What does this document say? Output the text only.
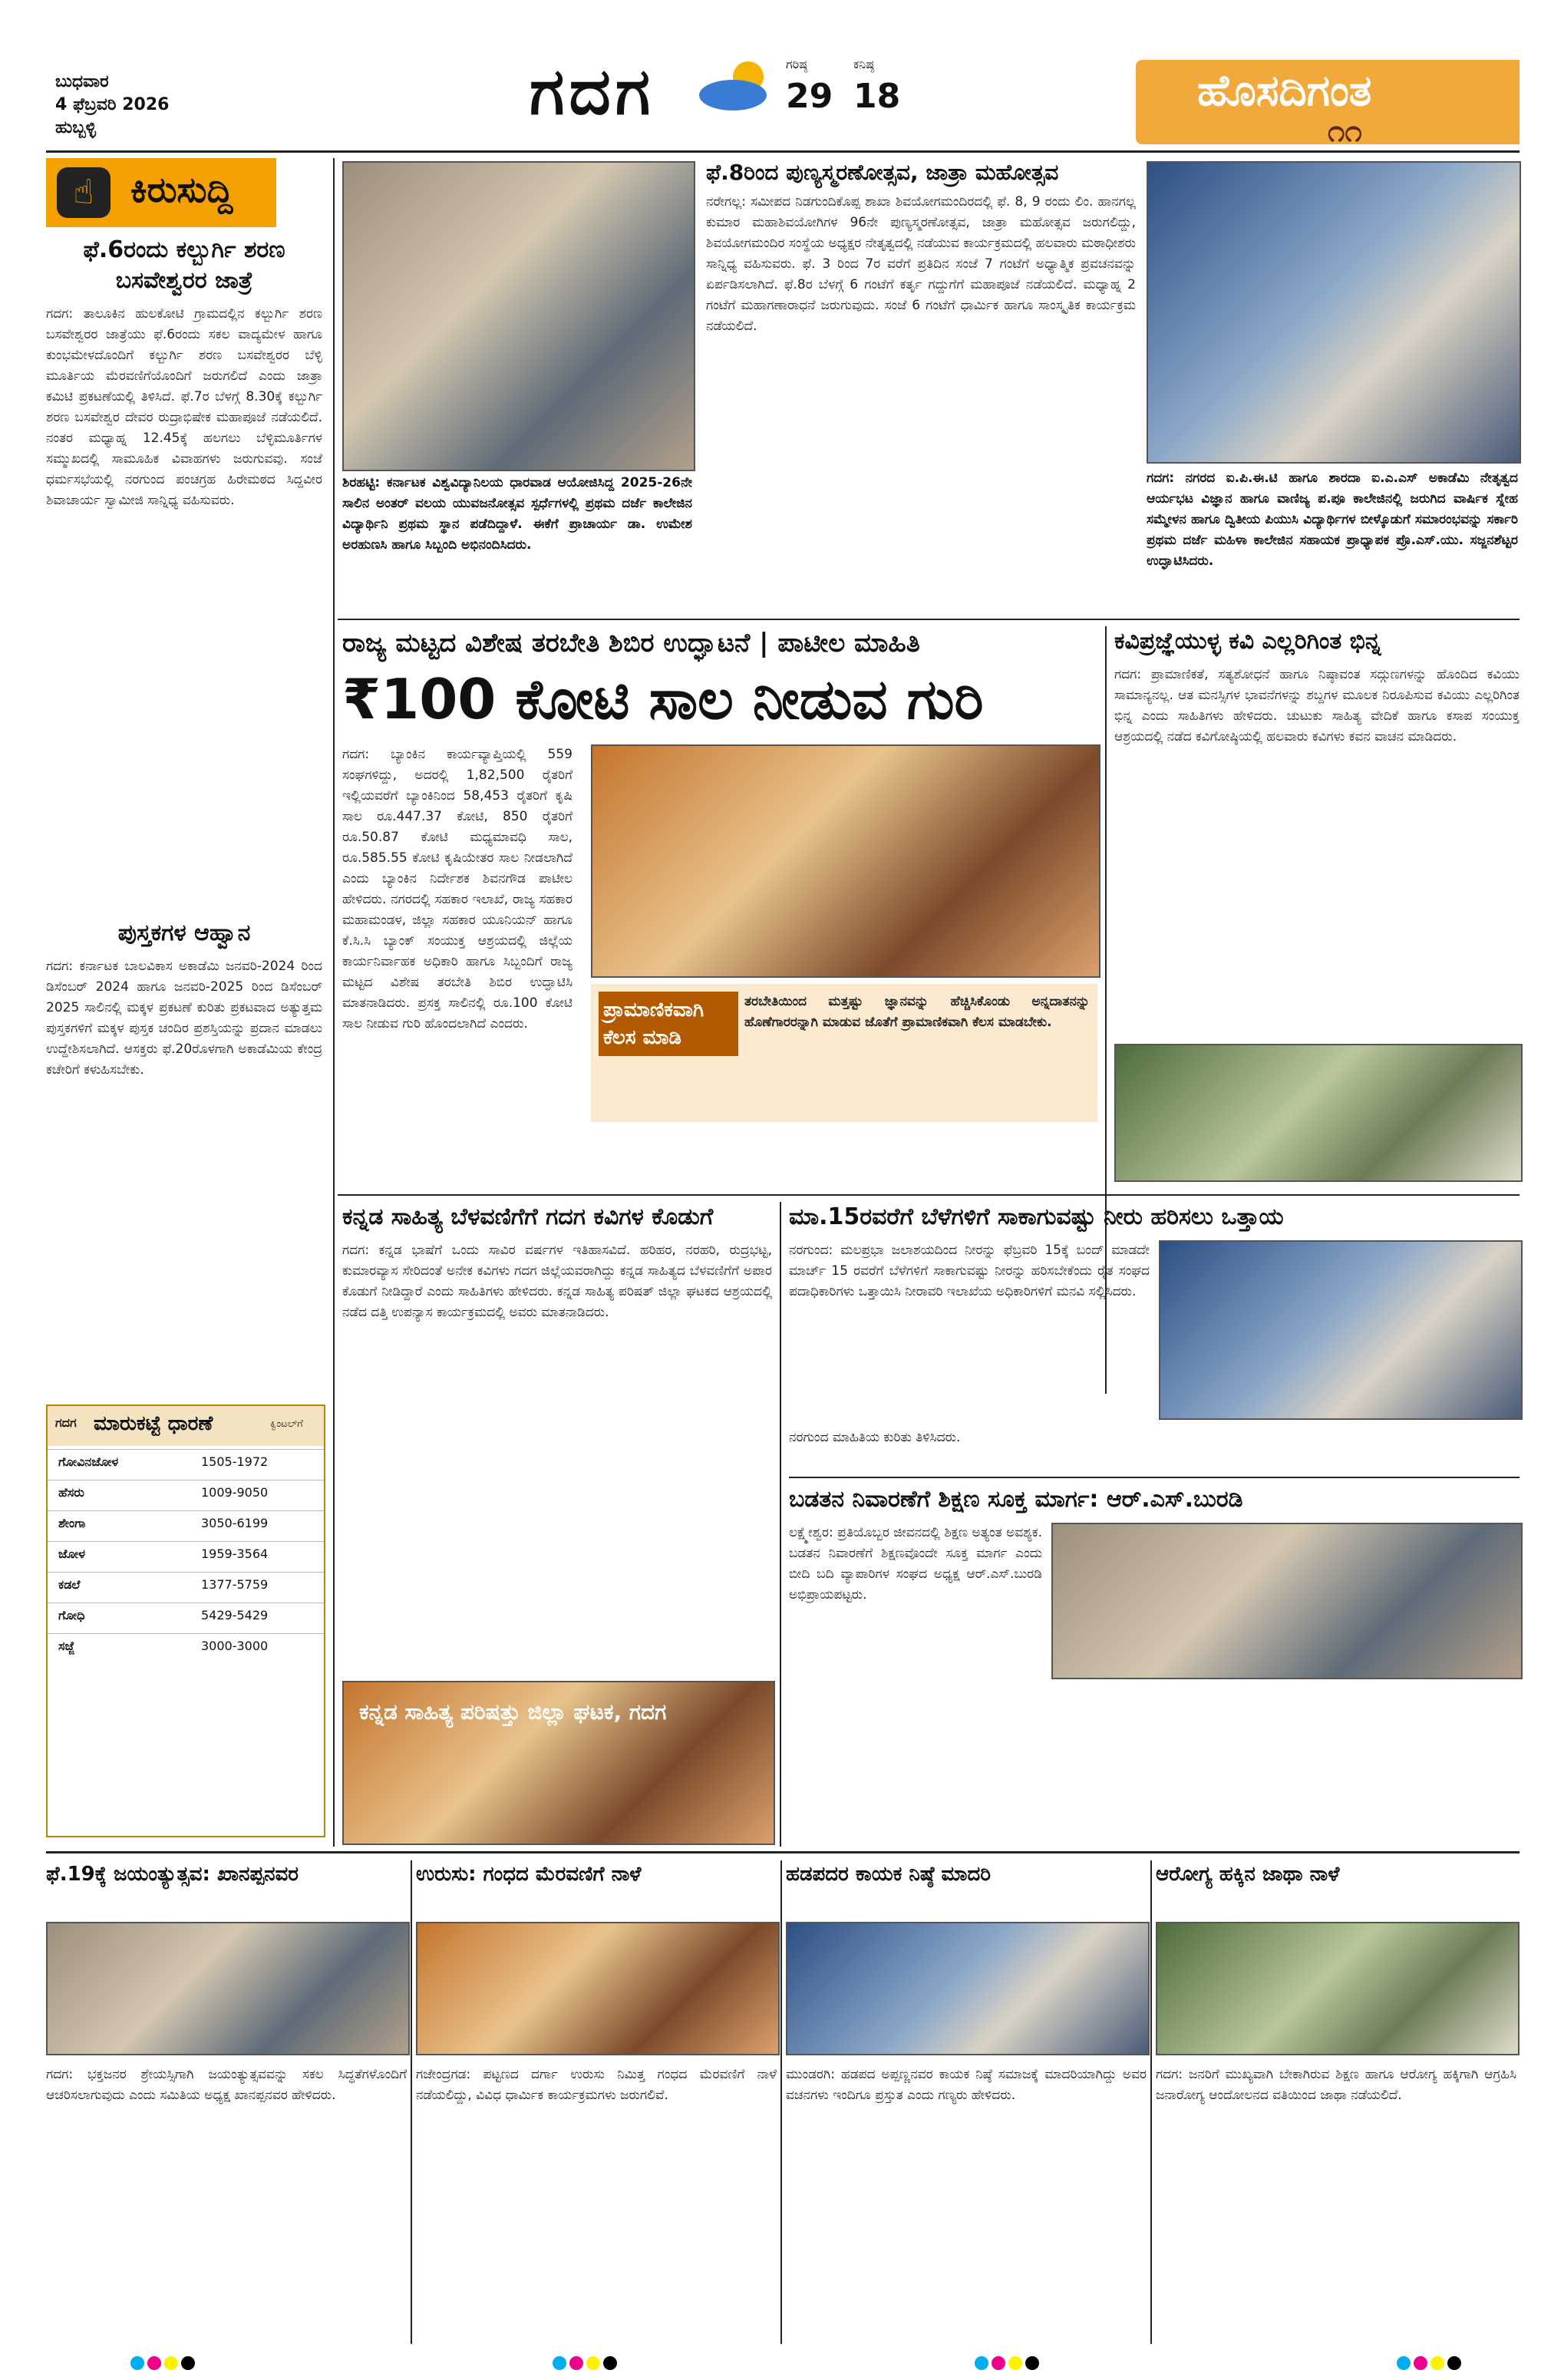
ಬುಧವಾರ
4 ಫೆಬ್ರವರಿ 2026
ಹುಬ್ಬಳ್ಳಿ	ಗದಗ	ಗರಿಷ್ಠ
29
ಕನಿಷ್ಠ
18	ಹೊಸದಿಗಂತ
೧೧
☝	ಕಿರುಸುದ್ದಿ
ಫೆ.6ರಂದು ಕಲ್ಬುರ್ಗಿ ಶರಣ ಬಸವೇಶ್ವರರ ಜಾತ್ರೆ
ಗದಗ: ತಾಲೂಕಿನ ಹುಲಕೋಟಿ ಗ್ರಾಮದಲ್ಲಿನ ಕಲ್ಬುರ್ಗಿ ಶರಣ ಬಸವೇಶ್ವರರ ಜಾತ್ರೆಯು ಫೆ.6ರಂದು ಸಕಲ ವಾದ್ಯಮೇಳ ಹಾಗೂ ಕುಂಭಮೇಳದೊಂದಿಗೆ ಕಲ್ಬುರ್ಗಿ ಶರಣ ಬಸವೇಶ್ವರರ ಬೆಳ್ಳಿ ಮೂರ್ತಿಯ ಮೆರವಣಿಗೆಯೊಂದಿಗೆ ಜರುಗಲಿದೆ ಎಂದು ಜಾತ್ರಾ ಕಮಿಟಿ ಪ್ರಕಟಣೆಯಲ್ಲಿ ತಿಳಿಸಿದೆ. ಫೆ.7ರ ಬೆಳಗ್ಗೆ 8.30ಕ್ಕೆ ಕಲ್ಬುರ್ಗಿ ಶರಣ ಬಸವೇಶ್ವರ ದೇವರ ರುದ್ರಾಭಿಷೇಕ ಮಹಾಪೂಜೆ ನಡೆಯಲಿದೆ. ನಂತರ ಮಧ್ಯಾಹ್ನ 12.45ಕ್ಕೆ ಹಲಗಲು ಬೆಳ್ಳಿಮೂರ್ತಿಗಳ ಸಮ್ಮುಖದಲ್ಲಿ ಸಾಮೂಹಿಕ ವಿವಾಹಗಳು ಜರುಗುವವು. ಸಂಜೆ ಧರ್ಮಸಭೆಯಲ್ಲಿ ನರಗುಂದ ಪಂಚಗ್ರಹ ಹಿರೇಮಠದ ಸಿದ್ದವೀರ ಶಿವಾಚಾರ್ಯ ಸ್ವಾಮೀಜಿ ಸಾನ್ನಿಧ್ಯ ವಹಿಸುವರು.
ಪುಸ್ತಕಗಳ ಆಹ್ವಾನ
ಗದಗ: ಕರ್ನಾಟಕ ಬಾಲವಿಕಾಸ ಅಕಾಡೆಮಿ ಜನವರಿ-2024 ರಿಂದ ಡಿಸೆಂಬರ್ 2024 ಹಾಗೂ ಜನವರಿ-2025 ರಿಂದ ಡಿಸೆಂಬರ್ 2025 ಸಾಲಿನಲ್ಲಿ ಮಕ್ಕಳ ಪ್ರಕಟಣೆ ಕುರಿತು ಪ್ರಕಟವಾದ ಅತ್ಯುತ್ತಮ ಪುಸ್ತಕಗಳಿಗೆ ಮಕ್ಕಳ ಪುಸ್ತಕ ಚಂದಿರ ಪ್ರಶಸ್ತಿಯನ್ನು ಪ್ರದಾನ ಮಾಡಲು ಉದ್ದೇಶಿಸಲಾಗಿದೆ. ಆಸಕ್ತರು ಫೆ.20ರೊಳಗಾಗಿ ಅಕಾಡೆಮಿಯ ಕೇಂದ್ರ ಕಚೇರಿಗೆ ಕಳುಹಿಸಬೇಕು.
ಗದಗ ಮಾರುಕಟ್ಟೆ ಧಾರಣೆ	ಕ್ವಿಂಟಲ್‌ಗೆ
ಗೋವಿನಜೋಳ	1505-1972
ಹೆಸರು	1009-9050
ಶೇಂಗಾ	3050-6199
ಜೋಳ	1959-3564
ಕಡಲೆ	1377-5759
ಗೋಧಿ	5429-5429
ಸಜ್ಜೆ	3000-3000
ಶಿರಹಟ್ಟಿ: ಕರ್ನಾಟಕ ವಿಶ್ವವಿದ್ಯಾನಿಲಯ ಧಾರವಾಡ ಆಯೋಜಿಸಿದ್ದ 2025-26ನೇ ಸಾಲಿನ ಅಂತರ್ ವಲಯ ಯುವಜನೋತ್ಸವ ಸ್ಪರ್ಧೆಗಳಲ್ಲಿ ಪ್ರಥಮ ದರ್ಜೆ ಕಾಲೇಜಿನ ವಿದ್ಯಾರ್ಥಿನಿ ಪ್ರಥಮ ಸ್ಥಾನ ಪಡೆದಿದ್ದಾಳೆ. ಈಕೆಗೆ ಪ್ರಾಚಾರ್ಯ ಡಾ. ಉಮೇಶ ಅರಹುಣಸಿ ಹಾಗೂ ಸಿಬ್ಬಂದಿ ಅಭಿನಂದಿಸಿದರು.
ಫೆ.8ರಿಂದ ಪುಣ್ಯಸ್ಮರಣೋತ್ಸವ, ಜಾತ್ರಾ ಮಹೋತ್ಸವ
ನರೇಗಲ್ಲ: ಸಮೀಪದ ನಿಡಗುಂದಿಕೊಪ್ಪ ಶಾಖಾ ಶಿವಯೋಗಮಂದಿರದಲ್ಲಿ ಫೆ. 8, 9 ರಂದು ಲಿಂ. ಹಾನಗಲ್ಲ ಕುಮಾರ ಮಹಾಶಿವಯೋಗಿಗಳ 96ನೇ ಪುಣ್ಯಸ್ಮರಣೋತ್ಸವ, ಜಾತ್ರಾ ಮಹೋತ್ಸವ ಜರುಗಲಿದ್ದು, ಶಿವಯೋಗಮಂದಿರ ಸಂಸ್ಥೆಯ ಅಧ್ಯಕ್ಷರ ನೇತೃತ್ವದಲ್ಲಿ ನಡೆಯುವ ಕಾರ್ಯಕ್ರಮದಲ್ಲಿ ಹಲವಾರು ಮಠಾಧೀಶರು ಸಾನ್ನಿಧ್ಯ ವಹಿಸುವರು. ಫೆ. 3 ರಿಂದ 7ರ ವರೆಗೆ ಪ್ರತಿದಿನ ಸಂಜೆ 7 ಗಂಟೆಗೆ ಅಧ್ಯಾತ್ಮಿಕ ಪ್ರವಚನವನ್ನು ಏರ್ಪಡಿಸಲಾಗಿದೆ. ಫೆ.8ರ ಬೆಳಗ್ಗೆ 6 ಗಂಟೆಗೆ ಕರ್ತೃ ಗದ್ದುಗೆಗೆ ಮಹಾಪೂಜೆ ನಡೆಯಲಿದೆ. ಮಧ್ಯಾಹ್ನ 2 ಗಂಟೆಗೆ ಮಹಾಗಣಾರಾಧನೆ ಜರುಗುವುದು. ಸಂಜೆ 6 ಗಂಟೆಗೆ ಧಾರ್ಮಿಕ ಹಾಗೂ ಸಾಂಸ್ಕೃತಿಕ ಕಾರ್ಯಕ್ರಮ ನಡೆಯಲಿದೆ.
ಗದಗ: ನಗರದ ಐ.ಪಿ.ಈ.ಟಿ ಹಾಗೂ ಶಾರದಾ ಐ.ಎ.ಎಸ್ ಅಕಾಡೆಮಿ ನೇತೃತ್ವದ ಆರ್ಯಭಟ ವಿಜ್ಞಾನ ಹಾಗೂ ವಾಣಿಜ್ಯ ಪ.ಪೂ ಕಾಲೇಜಿನಲ್ಲಿ ಜರುಗಿದ ವಾರ್ಷಿಕ ಸ್ನೇಹ ಸಮ್ಮೇಳನ ಹಾಗೂ ದ್ವಿತೀಯ ಪಿಯುಸಿ ವಿದ್ಯಾರ್ಥಿಗಳ ಬೀಳ್ಕೊಡುಗೆ ಸಮಾರಂಭವನ್ನು ಸರ್ಕಾರಿ ಪ್ರಥಮ ದರ್ಜೆ ಮಹಿಳಾ ಕಾಲೇಜಿನ ಸಹಾಯಕ ಪ್ರಾಧ್ಯಾಪಕ ಪ್ರೊ.ಎಸ್.ಯು. ಸಜ್ಜನಶೆಟ್ಟರ ಉದ್ಘಾಟಿಸಿದರು.
ರಾಜ್ಯ ಮಟ್ಟದ ವಿಶೇಷ ತರಬೇತಿ ಶಿಬಿರ ಉದ್ಘಾಟನೆ | ಪಾಟೀಲ ಮಾಹಿತಿ
₹100 ಕೋಟಿ ಸಾಲ ನೀಡುವ ಗುರಿ
ಗದಗ: ಬ್ಯಾಂಕಿನ ಕಾರ್ಯವ್ಯಾಪ್ತಿಯಲ್ಲಿ 559 ಸಂಘಗಳಿದ್ದು, ಅದರಲ್ಲಿ 1,82,500 ರೈತರಿಗೆ ಇಲ್ಲಿಯವರೆಗೆ ಬ್ಯಾಂಕಿನಿಂದ 58,453 ರೈತರಿಗೆ ಕೃಷಿ ಸಾಲ ರೂ.447.37 ಕೋಟಿ, 850 ರೈತರಿಗೆ ರೂ.50.87 ಕೋಟಿ ಮಧ್ಯಮಾವಧಿ ಸಾಲ, ರೂ.585.55 ಕೋಟಿ ಕೃಷಿಯೇತರ ಸಾಲ ನೀಡಲಾಗಿದೆ ಎಂದು ಬ್ಯಾಂಕಿನ ನಿರ್ದೇಶಕ ಶಿವನಗೌಡ ಪಾಟೀಲ ಹೇಳಿದರು. ನಗರದಲ್ಲಿ ಸಹಕಾರ ಇಲಾಖೆ, ರಾಜ್ಯ ಸಹಕಾರ ಮಹಾಮಂಡಳ, ಜಿಲ್ಲಾ ಸಹಕಾರ ಯೂನಿಯನ್ ಹಾಗೂ ಕೆ.ಸಿ.ಸಿ ಬ್ಯಾಂಕ್ ಸಂಯುಕ್ತ ಆಶ್ರಯದಲ್ಲಿ ಜಿಲ್ಲೆಯ ಕಾರ್ಯನಿರ್ವಾಹಕ ಅಧಿಕಾರಿ ಹಾಗೂ ಸಿಬ್ಬಂದಿಗೆ ರಾಜ್ಯ ಮಟ್ಟದ ವಿಶೇಷ ತರಬೇತಿ ಶಿಬಿರ ಉದ್ಘಾಟಿಸಿ ಮಾತನಾಡಿದರು. ಪ್ರಸಕ್ತ ಸಾಲಿನಲ್ಲಿ ರೂ.100 ಕೋಟಿ ಸಾಲ ನೀಡುವ ಗುರಿ ಹೊಂದಲಾಗಿದೆ ಎಂದರು.
ಪ್ರಾಮಾಣಿಕವಾಗಿ ಕೆಲಸ ಮಾಡಿ
ತರಬೇತಿಯಿಂದ ಮತ್ತಷ್ಟು ಜ್ಞಾನವನ್ನು ಹೆಚ್ಚಿಸಿಕೊಂಡು ಅನ್ನದಾತನನ್ನು ಹೊಣೆಗಾರರನ್ನಾಗಿ ಮಾಡುವ ಜೊತೆಗೆ ಪ್ರಾಮಾಣಿಕವಾಗಿ ಕೆಲಸ ಮಾಡಬೇಕು.
ಕವಿಪ್ರಜ್ಞೆಯುಳ್ಳ ಕವಿ ಎಲ್ಲರಿಗಿಂತ ಭಿನ್ನ
ಗದಗ: ಪ್ರಾಮಾಣಿಕತೆ, ಸತ್ಯಶೋಧನೆ ಹಾಗೂ ನಿಷ್ಠಾವಂತ ಸದ್ಗುಣಗಳನ್ನು ಹೊಂದಿದ ಕವಿಯು ಸಾಮಾನ್ಯನಲ್ಲ. ಆತ ಮನಸ್ಸಿಗಳ ಭಾವನೆಗಳನ್ನು ಶಬ್ದಗಳ ಮೂಲಕ ನಿರೂಪಿಸುವ ಕವಿಯು ಎಲ್ಲರಿಗಿಂತ ಭಿನ್ನ ಎಂದು ಸಾಹಿತಿಗಳು ಹೇಳಿದರು. ಚುಟುಕು ಸಾಹಿತ್ಯ ವೇದಿಕೆ ಹಾಗೂ ಕಸಾಪ ಸಂಯುಕ್ತ ಆಶ್ರಯದಲ್ಲಿ ನಡೆದ ಕವಿಗೋಷ್ಠಿಯಲ್ಲಿ ಹಲವಾರು ಕವಿಗಳು ಕವನ ವಾಚನ ಮಾಡಿದರು.
ಕನ್ನಡ ಸಾಹಿತ್ಯ ಬೆಳವಣಿಗೆಗೆ ಗದಗ ಕವಿಗಳ ಕೊಡುಗೆ
ಗದಗ: ಕನ್ನಡ ಭಾಷೆಗೆ ಒಂದು ಸಾವಿರ ವರ್ಷಗಳ ಇತಿಹಾಸವಿದೆ. ಹರಿಹರ, ನರಹರಿ, ರುದ್ರಭಟ್ಟ, ಕುಮಾರವ್ಯಾಸ ಸೇರಿದಂತೆ ಅನೇಕ ಕವಿಗಳು ಗದಗ ಜಿಲ್ಲೆಯವರಾಗಿದ್ದು ಕನ್ನಡ ಸಾಹಿತ್ಯದ ಬೆಳವಣಿಗೆಗೆ ಅಪಾರ ಕೊಡುಗೆ ನೀಡಿದ್ದಾರೆ ಎಂದು ಸಾಹಿತಿಗಳು ಹೇಳಿದರು. ಕನ್ನಡ ಸಾಹಿತ್ಯ ಪರಿಷತ್ ಜಿಲ್ಲಾ ಘಟಕದ ಆಶ್ರಯದಲ್ಲಿ ನಡೆದ ದತ್ತಿ ಉಪನ್ಯಾಸ ಕಾರ್ಯಕ್ರಮದಲ್ಲಿ ಅವರು ಮಾತನಾಡಿದರು.
ಕನ್ನಡ ಸಾಹಿತ್ಯ ಪರಿಷತ್ತು ಜಿಲ್ಲಾ ಘಟಕ, ಗದಗ
ಮಾ.15ರವರೆಗೆ ಬೆಳೆಗಳಿಗೆ ಸಾಕಾಗುವಷ್ಟು ನೀರು ಹರಿಸಲು ಒತ್ತಾಯ
ನರಗುಂದ: ಮಲಪ್ರಭಾ ಜಲಾಶಯದಿಂದ ನೀರನ್ನು ಫೆಬ್ರವರಿ 15ಕ್ಕೆ ಬಂದ್ ಮಾಡದೇ ಮಾರ್ಚ್ 15 ರವರೆಗೆ ಬೆಳೆಗಳಿಗೆ ಸಾಕಾಗುವಷ್ಟು ನೀರನ್ನು ಹರಿಸಬೇಕೆಂದು ರೈತ ಸಂಘದ ಪದಾಧಿಕಾರಿಗಳು ಒತ್ತಾಯಿಸಿ ನೀರಾವರಿ ಇಲಾಖೆಯ ಅಧಿಕಾರಿಗಳಿಗೆ ಮನವಿ ಸಲ್ಲಿಸಿದರು.
ನರಗುಂದ ಮಾಹಿತಿಯ ಕುರಿತು ತಿಳಿಸಿದರು.
ಬಡತನ ನಿವಾರಣೆಗೆ ಶಿಕ್ಷಣ ಸೂಕ್ತ ಮಾರ್ಗ: ಆರ್.ಎಸ್.ಬುರಡಿ
ಲಕ್ಷ್ಮೇಶ್ವರ: ಪ್ರತಿಯೊಬ್ಬರ ಜೀವನದಲ್ಲಿ ಶಿಕ್ಷಣ ಅತ್ಯಂತ ಅವಶ್ಯಕ. ಬಡತನ ನಿವಾರಣೆಗೆ ಶಿಕ್ಷಣವೊಂದೇ ಸೂಕ್ತ ಮಾರ್ಗ ಎಂದು ಬೀದಿ ಬದಿ ವ್ಯಾಪಾರಿಗಳ ಸಂಘದ ಅಧ್ಯಕ್ಷ ಆರ್.ಎಸ್.ಬುರಡಿ ಅಭಿಪ್ರಾಯಪಟ್ಟರು.
ಫೆ.19ಕ್ಕೆ ಜಯಂತ್ಯುತ್ಸವ: ಖಾನಪ್ಪನವರ
ಗದಗ: ಭಕ್ತಜನರ ಶ್ರೇಯಸ್ಸಿಗಾಗಿ ಜಯಂತ್ಯುತ್ಸವವನ್ನು ಸಕಲ ಸಿದ್ಧತೆಗಳೊಂದಿಗೆ ಆಚರಿಸಲಾಗುವುದು ಎಂದು ಸಮಿತಿಯ ಅಧ್ಯಕ್ಷ ಖಾನಪ್ಪನವರ ಹೇಳಿದರು.
ಉರುಸು: ಗಂಧದ ಮೆರವಣಿಗೆ ನಾಳೆ
ಗಜೇಂದ್ರಗಡ: ಪಟ್ಟಣದ ದರ್ಗಾ ಉರುಸು ನಿಮಿತ್ತ ಗಂಧದ ಮೆರವಣಿಗೆ ನಾಳೆ ನಡೆಯಲಿದ್ದು, ವಿವಿಧ ಧಾರ್ಮಿಕ ಕಾರ್ಯಕ್ರಮಗಳು ಜರುಗಲಿವೆ.
ಹಡಪದರ ಕಾಯಕ ನಿಷ್ಠೆ ಮಾದರಿ
ಮುಂಡರಗಿ: ಹಡಪದ ಅಪ್ಪಣ್ಣನವರ ಕಾಯಕ ನಿಷ್ಠೆ ಸಮಾಜಕ್ಕೆ ಮಾದರಿಯಾಗಿದ್ದು ಅವರ ವಚನಗಳು ಇಂದಿಗೂ ಪ್ರಸ್ತುತ ಎಂದು ಗಣ್ಯರು ಹೇಳಿದರು.
ಆರೋಗ್ಯ ಹಕ್ಕಿನ ಜಾಥಾ ನಾಳೆ
ಗದಗ: ಜನರಿಗೆ ಮುಖ್ಯವಾಗಿ ಬೇಕಾಗಿರುವ ಶಿಕ್ಷಣ ಹಾಗೂ ಆರೋಗ್ಯ ಹಕ್ಕಿಗಾಗಿ ಆಗ್ರಹಿಸಿ ಜನಾರೋಗ್ಯ ಆಂದೋಲನದ ವತಿಯಿಂದ ಜಾಥಾ ನಡೆಯಲಿದೆ.
